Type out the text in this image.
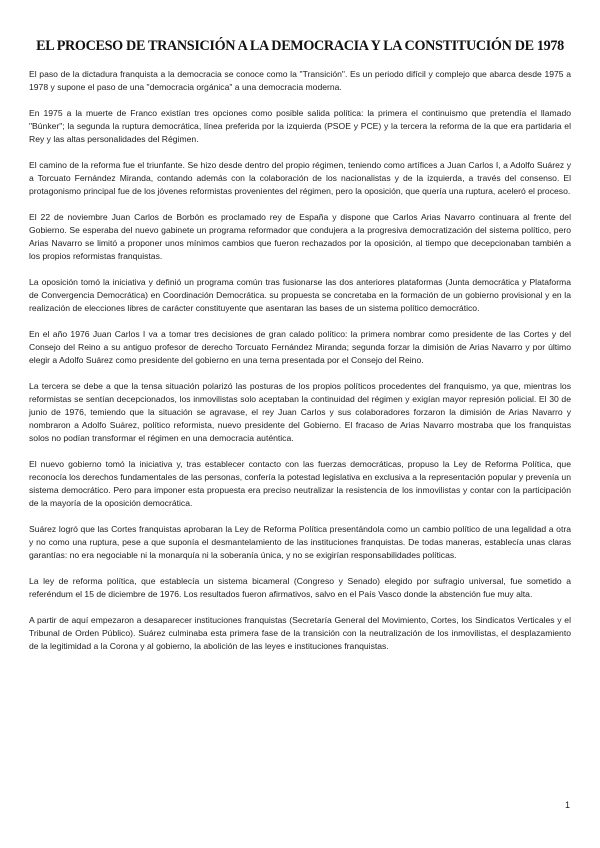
EL PROCESO DE TRANSICIÓN A LA DEMOCRACIA Y LA CONSTITUCIÓN DE 1978

El paso de la dictadura franquista a la democracia se conoce como la "Transición". Es un periodo difícil y complejo que abarca desde 1975 a 1978 y supone el paso de una "democracia orgánica" a una democracia moderna.

En 1975 a la muerte de Franco existían tres opciones como posible salida política: la primera el continuismo que pretendía el llamado "Búnker"; la segunda la ruptura democrática, línea preferida por la izquierda (PSOE y PCE) y la tercera la reforma de la que era partidaria el Rey y las altas personalidades del Régimen.

El camino de la reforma fue el triunfante. Se hizo desde dentro del propio régimen, teniendo como artífices a Juan Carlos I, a Adolfo Suárez y a Torcuato Fernández Miranda, contando además con la colaboración de los nacionalistas y de la izquierda, a través del consenso. El protagonismo principal fue de los jóvenes reformistas provenientes del régimen, pero la oposición, que quería una ruptura, aceleró el proceso.

El 22 de noviembre Juan Carlos de Borbón es proclamado rey de España y dispone que Carlos Arias Navarro continuara al frente del Gobierno. Se esperaba del nuevo gabinete un programa reformador que condujera a la progresiva democratización del sistema político, pero Arias Navarro se limitó a proponer unos mínimos cambios que fueron rechazados por la oposición, al tiempo que decepcionaban también a los propios reformistas franquistas.

La oposición tomó la iniciativa y definió un programa común tras fusionarse las dos anteriores plataformas (Junta democrática y Plataforma de Convergencia Democrática) en Coordinación Democrática. su propuesta se concretaba en la formación de un gobierno provisional y en la realización de elecciones libres de carácter constituyente que asentaran las bases de un sistema político democrático.

En el año 1976 Juan Carlos I va a tomar tres decisiones de gran calado político: la primera nombrar como presidente de las Cortes y del Consejo del Reino a su antiguo profesor de derecho Torcuato Fernández Miranda; segunda forzar la dimisión de Arias Navarro y por último elegir a Adolfo Suárez como presidente del gobierno en una terna presentada por el Consejo del Reino.

La tercera se debe a que la tensa situación polarizó las posturas de los propios políticos procedentes del franquismo, ya que, mientras los reformistas se sentían decepcionados, los inmovilistas solo aceptaban la continuidad del régimen y exigían mayor represión policial. El 30 de junio de 1976, temiendo que la situación se agravase, el rey Juan Carlos y sus colaboradores forzaron la dimisión de Arias Navarro y nombraron a Adolfo Suárez, político reformista, nuevo presidente del Gobierno. El fracaso de Arias Navarro mostraba que los franquistas solos no podían transformar el régimen en una democracia auténtica.

El nuevo gobierno tomó la iniciativa y, tras establecer contacto con las fuerzas democráticas, propuso la Ley de Reforma Política, que reconocía los derechos fundamentales de las personas, confería la potestad legislativa en exclusiva a la representación popular y prevenía un sistema democrático. Pero para imponer esta propuesta era preciso neutralizar la resistencia de los inmovilistas y contar con la participación de la mayoría de la oposición democrática.

Suárez logró que las Cortes franquistas aprobaran la Ley de Reforma Política presentándola como un cambio político de una legalidad a otra y no como una ruptura, pese a que suponía el desmantelamiento de las instituciones franquistas. De todas maneras, establecía unas claras garantías: no era negociable ni la monarquía ni la soberanía única, y no se exigirían responsabilidades políticas.

La ley de reforma política, que establecía un sistema bicameral (Congreso y Senado) elegido por sufragio universal, fue sometido a referéndum el 15 de diciembre de 1976. Los resultados fueron afirmativos, salvo en el País Vasco donde la abstención fue muy alta.

A partir de aquí empezaron a desaparecer instituciones franquistas (Secretaría General del Movimiento, Cortes, los Sindicatos Verticales y el Tribunal de Orden Público). Suárez culminaba esta primera fase de la transición con la neutralización de los inmovilistas, el desplazamiento de la legitimidad a la Corona y al gobierno, la abolición de las leyes e instituciones franquistas.

1
